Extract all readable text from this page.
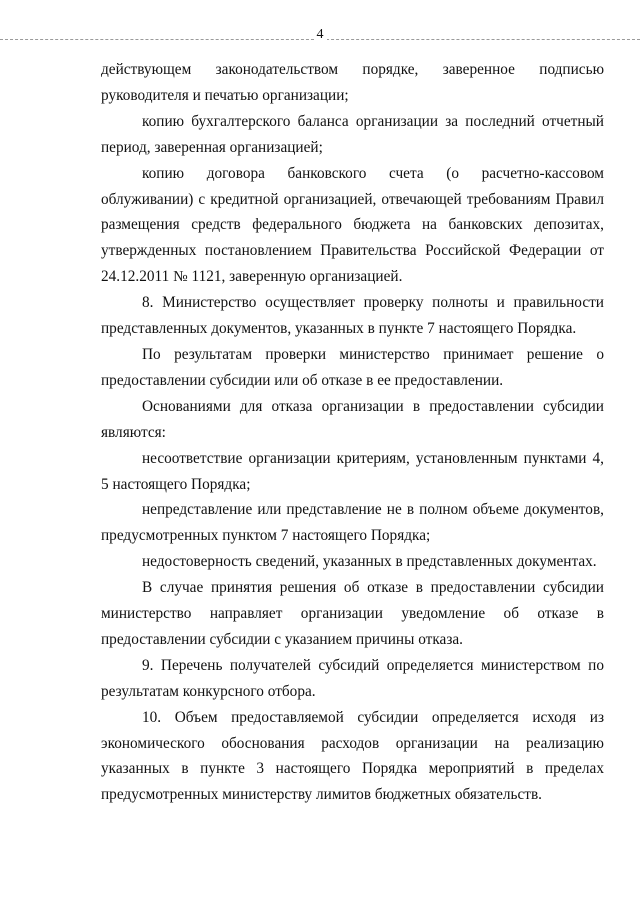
4

действующем законодательством порядке, заверенное подписью руководителя и печатью организации;

копию бухгалтерского баланса организации за последний отчетный период, заверенная организацией;

копию договора банковского счета (о расчетно-кассовом облуживании) с кредитной организацией, отвечающей требованиям Правил размещения средств федерального бюджета на банковских депозитах, утвержденных постановлением Правительства Российской Федерации от 24.12.2011 № 1121, заверенную организацией.

8. Министерство осуществляет проверку полноты и правильности представленных документов, указанных в пункте 7 настоящего Порядка.

По результатам проверки министерство принимает решение о предоставлении субсидии или об отказе в ее предоставлении.

Основаниями для отказа организации в предоставлении субсидии являются:

несоответствие организации критериям, установленным пунктами 4, 5 настоящего Порядка;

непредставление или представление не в полном объеме документов, предусмотренных пунктом 7 настоящего Порядка;

недостоверность сведений, указанных в представленных документах.

В случае принятия решения об отказе в предоставлении субсидии министерство направляет организации уведомление об отказе в предоставлении субсидии с указанием причины отказа.

9. Перечень получателей субсидий определяется министерством по результатам конкурсного отбора.

10. Объем предоставляемой субсидии определяется исходя из экономического обоснования расходов организации на реализацию указанных в пункте 3 настоящего Порядка мероприятий в пределах предусмотренных министерству лимитов бюджетных обязательств.
